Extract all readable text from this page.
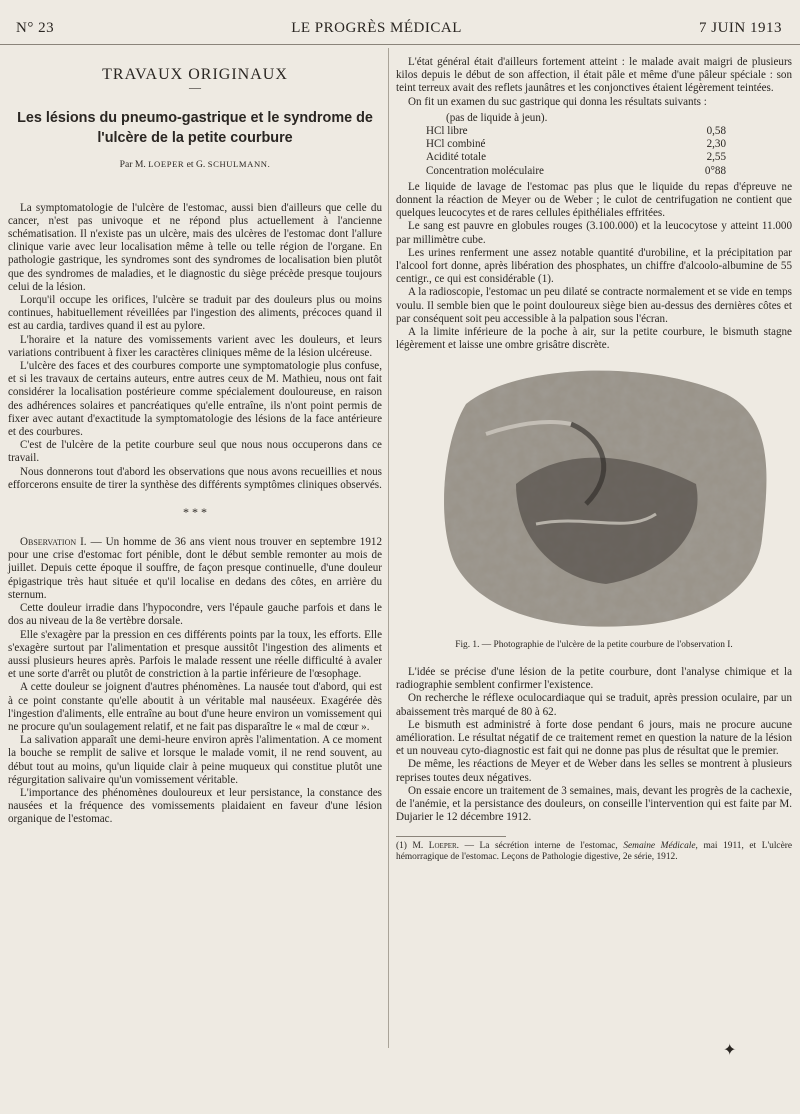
N° 23	LE PROGRÈS MÉDICAL	7 JUIN 1913
TRAVAUX ORIGINAUX
—
Les lésions du pneumo-gastrique et le syndrome de l'ulcère de la petite courbure
Par M. LOEPER et G. SCHULMANN.

La symptomatologie de l'ulcère de l'estomac, aussi bien d'ailleurs que celle du cancer, n'est pas univoque et ne répond plus actuellement à l'ancienne schématisation. Il n'existe pas un ulcère, mais des ulcères de l'estomac dont l'allure clinique varie avec leur localisation même à telle ou telle région de l'organe. En pathologie gastrique, les syndromes sont des syndromes de localisation bien plutôt que des syndromes de maladies, et le diagnostic du siège précède presque toujours celui de la lésion.

Lorqu'il occupe les orifices, l'ulcère se traduit par des douleurs plus ou moins continues, habituellement réveillées par l'ingestion des aliments, précoces quand il est au cardia, tardives quand il est au pylore.

L'horaire et la nature des vomissements varient avec les douleurs, et leurs variations contribuent à fixer les caractères cliniques même de la lésion ulcéreuse.

L'ulcère des faces et des courbures comporte une symptomatologie plus confuse, et si les travaux de certains auteurs, entre autres ceux de M. Mathieu, nous ont fait considérer la localisation postérieure comme spécialement douloureuse, en raison des adhérences solaires et pancréatiques qu'elle entraîne, ils n'ont point permis de fixer avec autant d'exactitude la symptomatologie des lésions de la face antérieure et des courbures.

C'est de l'ulcère de la petite courbure seul que nous nous occuperons dans ce travail.

Nous donnerons tout d'abord les observations que nous avons recueillies et nous efforcerons ensuite de tirer la synthèse des différents symptômes cliniques observés.

* * *

Observation I. — Un homme de 36 ans vient nous trouver en septembre 1912 pour une crise d'estomac fort pénible, dont le début semble remonter au mois de juillet. Depuis cette époque il souffre, de façon presque continuelle, d'une douleur épigastrique très haut située et qu'il localise en dedans des côtes, en arrière du sternum.

Cette douleur irradie dans l'hypocondre, vers l'épaule gauche parfois et dans le dos au niveau de la 8e vertèbre dorsale.

Elle s'exagère par la pression en ces différents points par la toux, les efforts. Elle s'exagère surtout par l'alimentation et presque aussitôt l'ingestion des aliments et aussi plusieurs heures après. Parfois le malade ressent une réelle difficulté à avaler et une sorte d'arrêt ou plutôt de constriction à la partie inférieure de l'œsophage.

A cette douleur se joignent d'autres phénomènes. La nausée tout d'abord, qui est à ce point constante qu'elle aboutit à un véritable mal nauséeux. Exagérée dès l'ingestion d'aliments, elle entraîne au bout d'une heure environ un vomissement qui ne procure qu'un soulagement relatif, et ne fait pas disparaître le « mal de cœur ».

La salivation apparaît une demi-heure environ après l'alimentation. A ce moment la bouche se remplit de salive et lorsque le malade vomit, il ne rend souvent, au début tout au moins, qu'un liquide clair à peine muqueux qui constitue plutôt une régurgitation salivaire qu'un vomissement véritable.

L'importance des phénomènes douloureux et leur persistance, la constance des nausées et la fréquence des vomissements plaidaient en faveur d'une lésion organique de l'estomac.

L'état général était d'ailleurs fortement atteint : le malade avait maigri de plusieurs kilos depuis le début de son affection, il était pâle et même d'une pâleur spéciale : son teint terreux avait des reflets jaunâtres et les conjonctives étaient légèrement teintées.

On fit un examen du suc gastrique qui donna les résultats suivants :

(pas de liquide à jeun).
HCl libre	0,58
HCl combiné	2,30
Acidité totale	2,55
Concentration moléculaire	0°88

Le liquide de lavage de l'estomac pas plus que le liquide du repas d'épreuve ne donnent la réaction de Meyer ou de Weber ; le culot de centrifugation ne contient que quelques leucocytes et de rares cellules épithéliales effritées.

Le sang est pauvre en globules rouges (3.100.000) et la leucocytose y atteint 11.000 par millimètre cube.

Les urines renferment une assez notable quantité d'urobiline, et la précipitation par l'alcool fort donne, après libération des phosphates, un chiffre d'alcoolo-albumine de 55 centigr., ce qui est considérable (1).

A la radioscopie, l'estomac un peu dilaté se contracte normalement et se vide en temps voulu. Il semble bien que le point douloureux siège bien au-dessus des dernières côtes et par conséquent soit peu accessible à la palpation sous l'écran.

A la limite inférieure de la poche à air, sur la petite courbure, le bismuth stagne légèrement et laisse une ombre grisâtre discrète.

Fig. 1. — Photographie de l'ulcère de la petite courbure de l'observation I.

L'idée se précise d'une lésion de la petite courbure, dont l'analyse chimique et la radiographie semblent confirmer l'existence.

On recherche le réflexe oculocardiaque qui se traduit, après pression oculaire, par un abaissement très marqué de 80 à 62.

Le bismuth est administré à forte dose pendant 6 jours, mais ne procure aucune amélioration. Le résultat négatif de ce traitement remet en question la nature de la lésion et un nouveau cyto-diagnostic est fait qui ne donne pas plus de résultat que le premier.

De même, les réactions de Meyer et de Weber dans les selles se montrent à plusieurs reprises toutes deux négatives.

On essaie encore un traitement de 3 semaines, mais, devant les progrès de la cachexie, de l'anémie, et la persistance des douleurs, on conseille l'intervention qui est faite par M. Dujarier le 12 décembre 1912.

(1) M. Loeper. — La sécrétion interne de l'estomac, Semaine Médicale, mai 1911, et L'ulcère hémorragique de l'estomac. Leçons de Pathologie digestive, 2e série, 1912.
✦
